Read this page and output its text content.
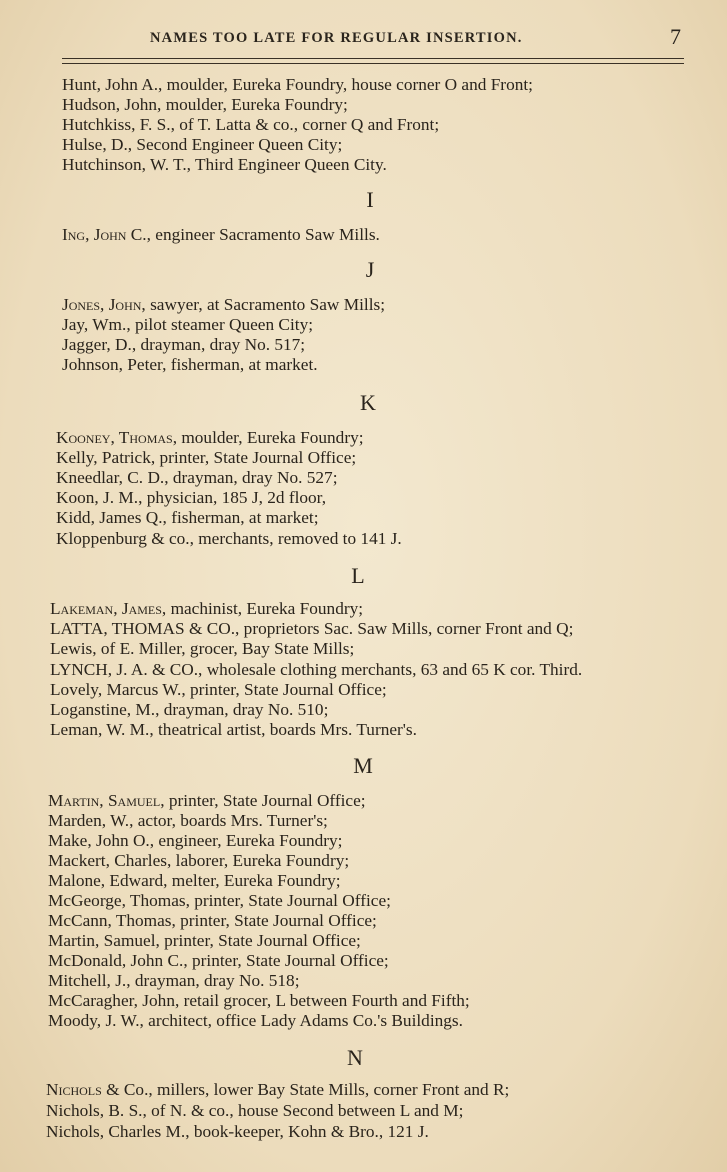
NAMES TOO LATE FOR REGULAR INSERTION.	7
Hunt, John A., moulder, Eureka Foundry, house corner O and Front;
Hudson, John, moulder, Eureka Foundry;
Hutchkiss, F. S., of T. Latta & co., corner Q and Front;
Hulse, D., Second Engineer Queen City;
Hutchinson, W. T., Third Engineer Queen City.
I
Ing, John C., engineer Sacramento Saw Mills.
J
Jones, John, sawyer, at Sacramento Saw Mills;
Jay, Wm., pilot steamer Queen City;
Jagger, D., drayman, dray No. 517;
Johnson, Peter, fisherman, at market.
K
Kooney, Thomas, moulder, Eureka Foundry;
Kelly, Patrick, printer, State Journal Office;
Kneedlar, C. D., drayman, dray No. 527;
Koon, J. M., physician, 185 J, 2d floor,
Kidd, James Q., fisherman, at market;
Kloppenburg & co., merchants, removed to 141 J.
L
Lakeman, James, machinist, Eureka Foundry;
LATTA, THOMAS & CO., proprietors Sac. Saw Mills, corner Front and Q;
Lewis, of E. Miller, grocer, Bay State Mills;
LYNCH, J. A. & CO., wholesale clothing merchants, 63 and 65 K cor. Third.
Lovely, Marcus W., printer, State Journal Office;
Loganstine, M., drayman, dray No. 510;
Leman, W. M., theatrical artist, boards Mrs. Turner's.
M
Martin, Samuel, printer, State Journal Office;
Marden, W., actor, boards Mrs. Turner's;
Make, John O., engineer, Eureka Foundry;
Mackert, Charles, laborer, Eureka Foundry;
Malone, Edward, melter, Eureka Foundry;
McGeorge, Thomas, printer, State Journal Office;
McCann, Thomas, printer, State Journal Office;
Martin, Samuel, printer, State Journal Office;
McDonald, John C., printer, State Journal Office;
Mitchell, J., drayman, dray No. 518;
McCaragher, John, retail grocer, L between Fourth and Fifth;
Moody, J. W., architect, office Lady Adams Co.'s Buildings.
N
Nichols & Co., millers, lower Bay State Mills, corner Front and R;
Nichols, B. S., of N. & co., house Second between L and M;
Nichols, Charles M., book-keeper, Kohn & Bro., 121 J.
